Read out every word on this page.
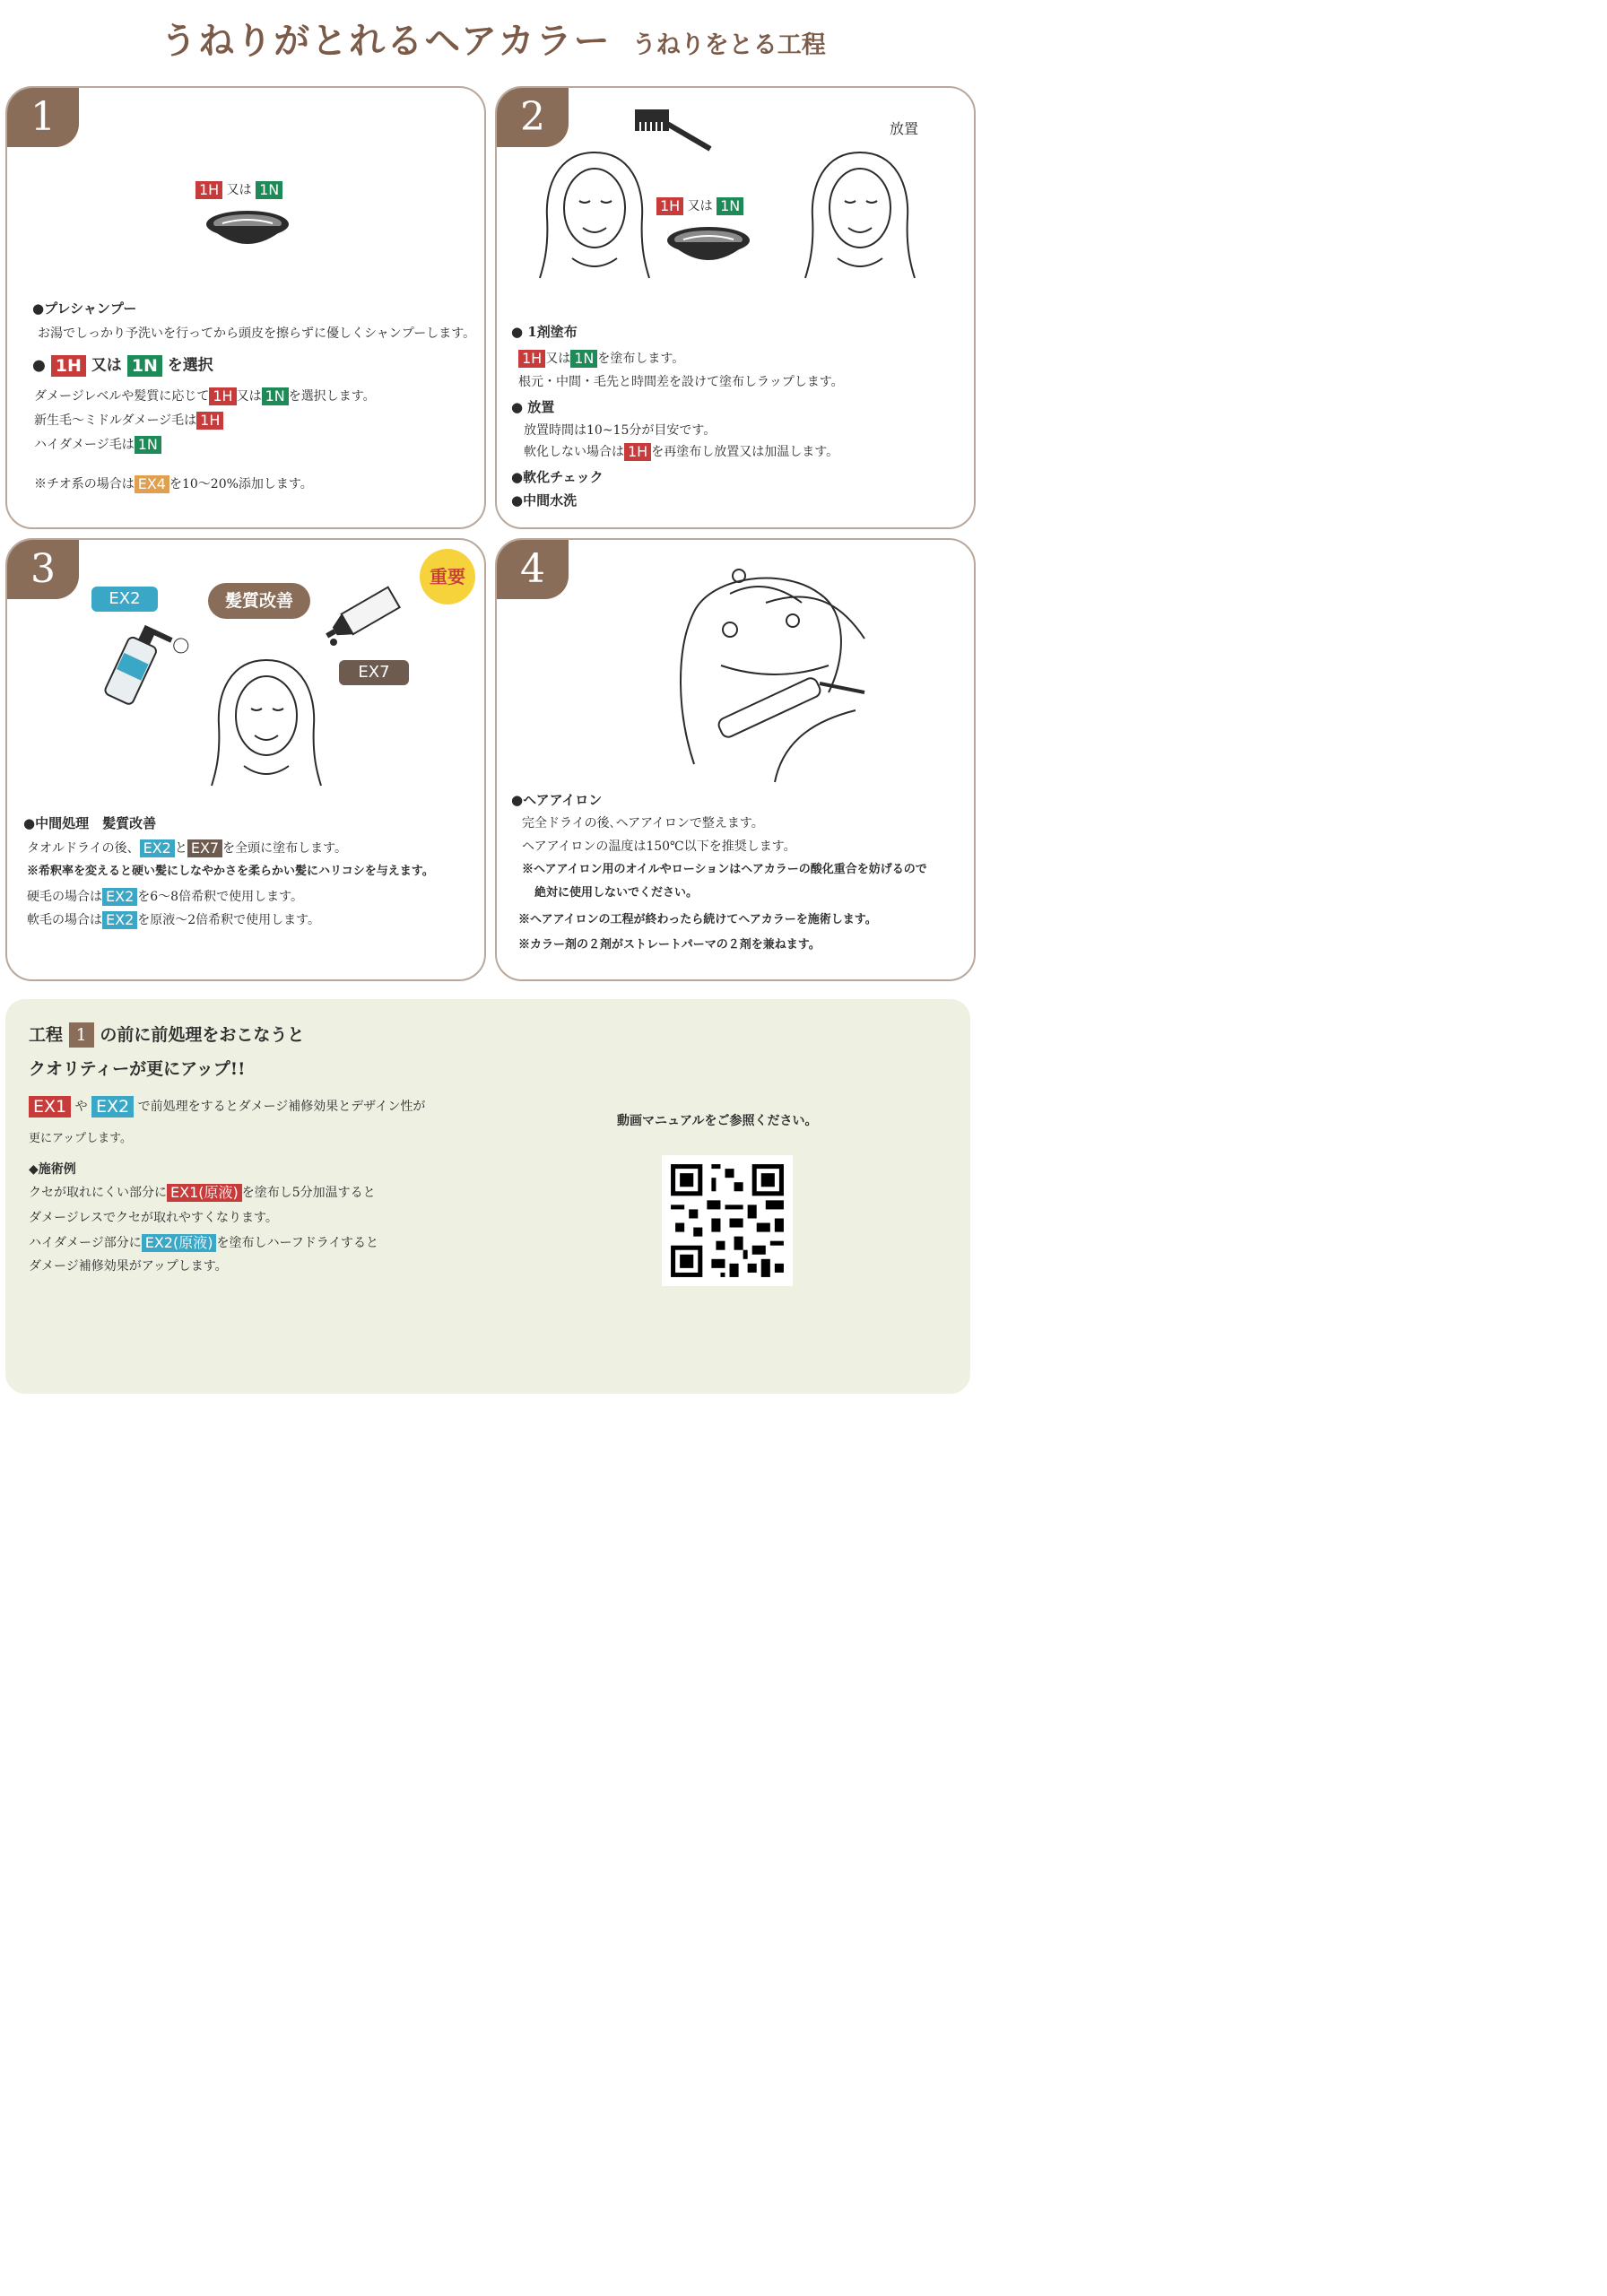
うねりがとれるヘアカラー うねりをとる工程
1
1H 又は 1N
●プレシャンプー
お湯でしっかり予洗いを行ってから頭皮を擦らずに優しくシャンプーします。
● 1H 又は 1N を選択
ダメージレベルや髪質に応じて 1H 又は 1N を選択します。
新生毛～ミドルダメージ毛は 1H
ハイダメージ毛は 1N
※チオ系の場合は EX4 を10～20%添加します。
2	放置
1H 又は 1N
● 1剤塗布
1H 又は 1N を塗布します。
根元・中間・毛先と時間差を設けて塗布しラップします。
● 放置
放置時間は10~15分が目安です。
軟化しない場合は 1H を再塗布し放置又は加温します。
●軟化チェック
●中間水洗
3	重要
EX2	髪質改善
EX7
●中間処理　髪質改善
タオルドライの後、 EX2 と EX7 を全頭に塗布します。
※希釈率を変えると硬い髪にしなやかさを柔らかい髪にハリコシを与えます。
硬毛の場合は EX2 を6～8倍希釈で使用します。
軟毛の場合は EX2 を原液～2倍希釈で使用します。
4
●ヘアアイロン
完全ドライの後､ヘアアイロンで整えます。
ヘアアイロンの温度は150℃以下を推奨します。
※ヘアアイロン用のオイルやローションはヘアカラーの酸化重合を妨げるので
絶対に使用しないでください。
※ヘアアイロンの工程が終わったら続けてヘアカラーを施術します。
※カラー剤の２剤がストレートパーマの２剤を兼ねます。
工程 1 の前に前処理をおこなうと
クオリティーが更にアップ!!
EX1 や EX2 で前処理をするとダメージ補修効果とデザイン性が
更にアップします。
◆施術例
クセが取れにくい部分に EX1(原液) を塗布し5分加温すると
ダメージレスでクセが取れやすくなります。
ハイダメージ部分に EX2(原液) を塗布しハーフドライすると
ダメージ補修効果がアップします。
動画マニュアルをご参照ください。
